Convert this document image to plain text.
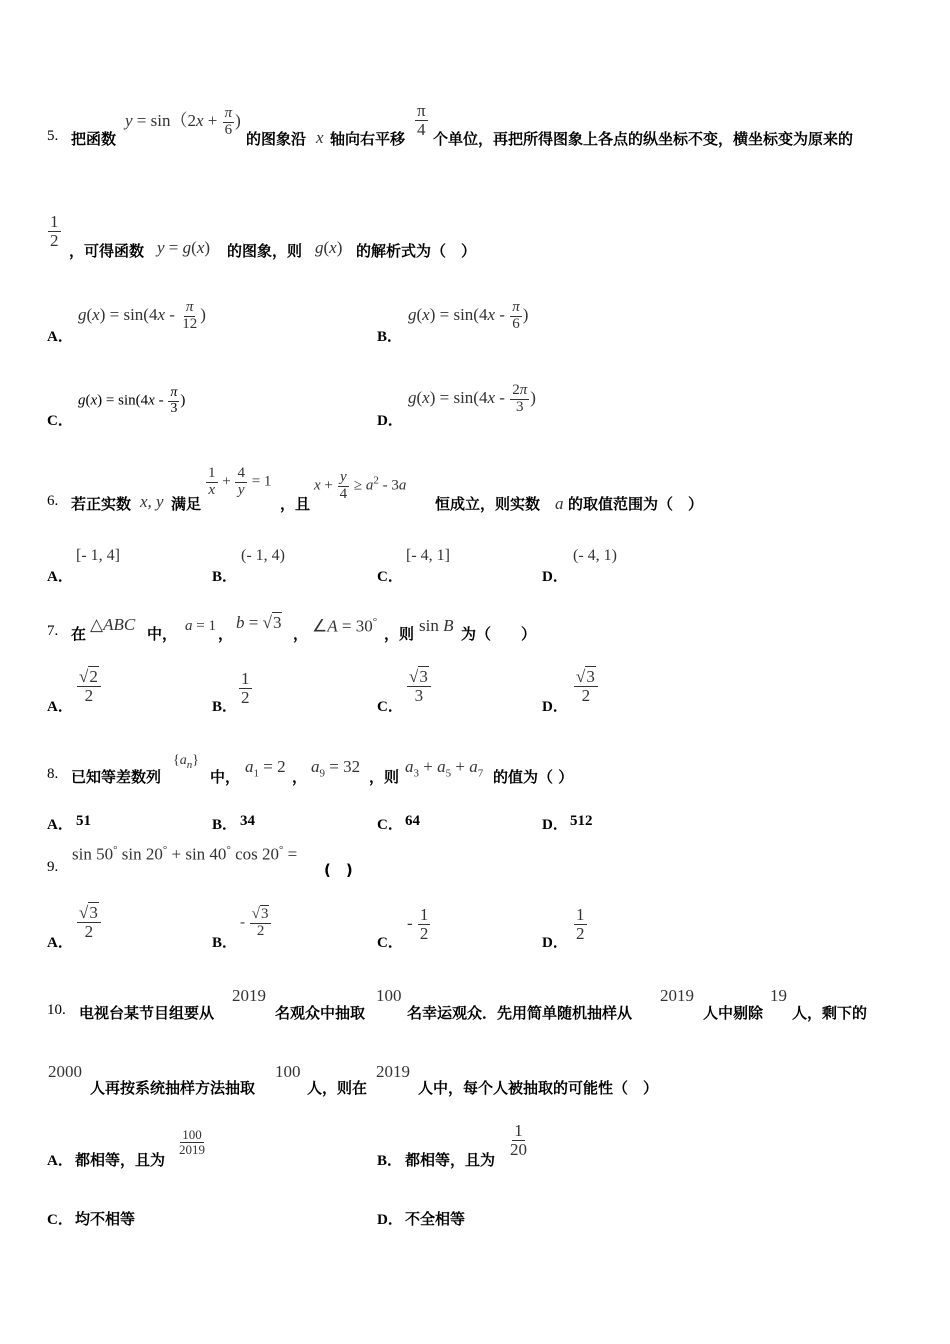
5. 把函数
$y = \sin(2x + \frac{\pi}{6}$ )
的图象沿 x 轴向右平移
$\frac{\pi}{4}$
个单位，再把所得图象上各点的纵坐标不变，横坐标变为原来的
$\frac{1}{2}$
，可得函数 y = g(x) 的图象，则 g(x) 的解析式为（　）
A．
$g(x) = \sin(4x - \frac{\pi}{12}$ )
B．
$g(x) = \sin(4x - \frac{\pi}{6}$ )
C．
$g(x) = \sin(4x - \frac{\pi}{3}$ )
D．
$g(x) = \sin(4x - \frac{2\pi}{3}$ )
6. 若正实数 x, y 满足
$\frac{1}{x} + \frac{4}{y} = 1$
，且
$x + \frac{y}{4} \ge a^2 - 3a$
恒成立，则实数 a 的取值范围为（　）
A．
[- 1, 4]
B．
(- 1, 4)
C．
[- 4, 1]
D．
(- 4, 1)
7. 在 △ABC 中， a = 1 ，
b = √3
， ∠A = 30°
，则 sin B 为（　　）
A．
$\frac{√2}{2}$
B．
$\frac{1}{2}$
C．
$\frac{√3}{3}$
D．
$\frac{√3}{2}$
8. 已知等差数列
$\{a_n\}$
中，
$a_1 = 2$
，
$a_9 = 32$
，则
$a_3 + a_5 + a_7$ 的值为（ ）
A． 51	B． 34	C． 64	D． 512
sin 50° sin 20° + sin 40° cos 20° =
9.	(　)
A．
$\frac{√3}{2}$
B．
- $\frac{√3}{2}$
C．
- $\frac{1}{2}$
D．
$\frac{1}{2}$
10. 电视台某节目组要从
2019
名观众中抽取
100
名幸运观众．先用简单随机抽样从
2019
人中剔除
19
人，剩下的
2000
人再按系统抽样方法抽取
100
人，则在
2019
人中，每个人被抽取的可能性（　）
A． 都相等，且为
$\frac{100}{2019}$
B． 都相等，且为
$\frac{1}{20}$
C． 均不相等	D． 不全相等
